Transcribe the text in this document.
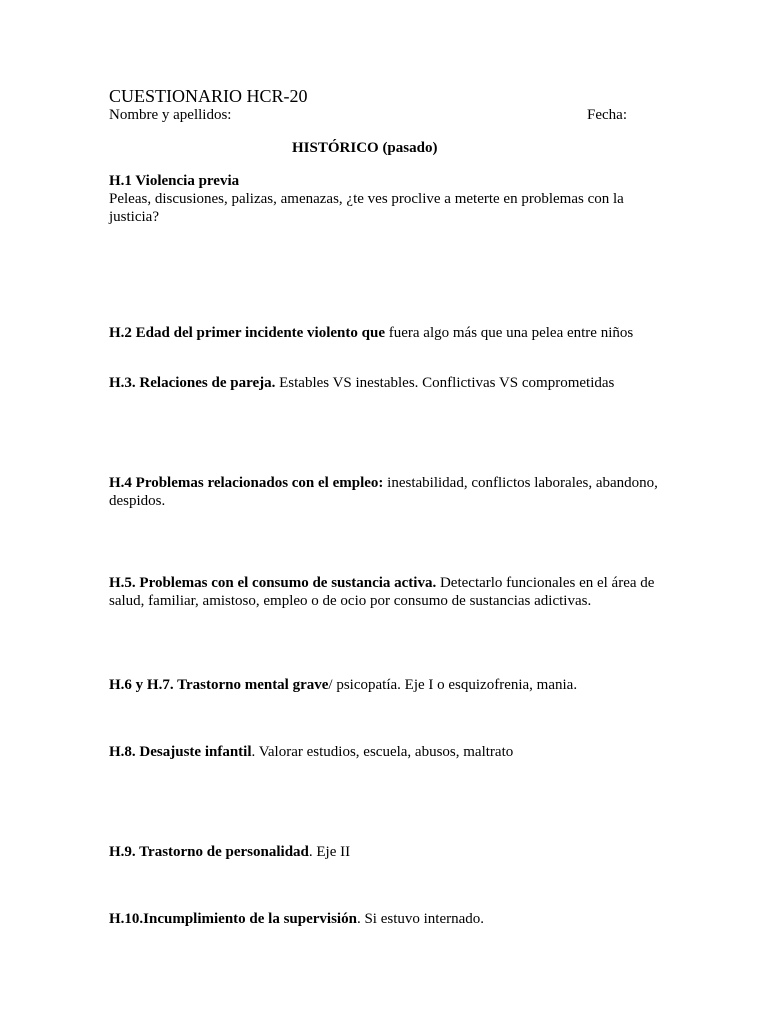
CUESTIONARIO HCR-20
Nombre y apellidos:	Fecha:
HISTÓRICO (pasado)
H.1 Violencia previa
Peleas, discusiones, palizas, amenazas, ¿te ves proclive a meterte en problemas con la justicia?
H.2 Edad del primer incidente violento que fuera algo más que una pelea entre niños
H.3. Relaciones de pareja. Estables VS inestables. Conflictivas VS comprometidas
H.4 Problemas relacionados con el empleo: inestabilidad, conflictos laborales, abandono, despidos.
H.5. Problemas con el consumo de sustancia activa. Detectarlo funcionales en el área de salud, familiar, amistoso, empleo o de ocio por consumo de sustancias adictivas.
H.6 y H.7. Trastorno mental grave/ psicopatía. Eje I o esquizofrenia, mania.
H.8. Desajuste infantil. Valorar estudios, escuela, abusos, maltrato
H.9. Trastorno de personalidad. Eje II
H.10.Incumplimiento de la supervisión. Si estuvo internado.
